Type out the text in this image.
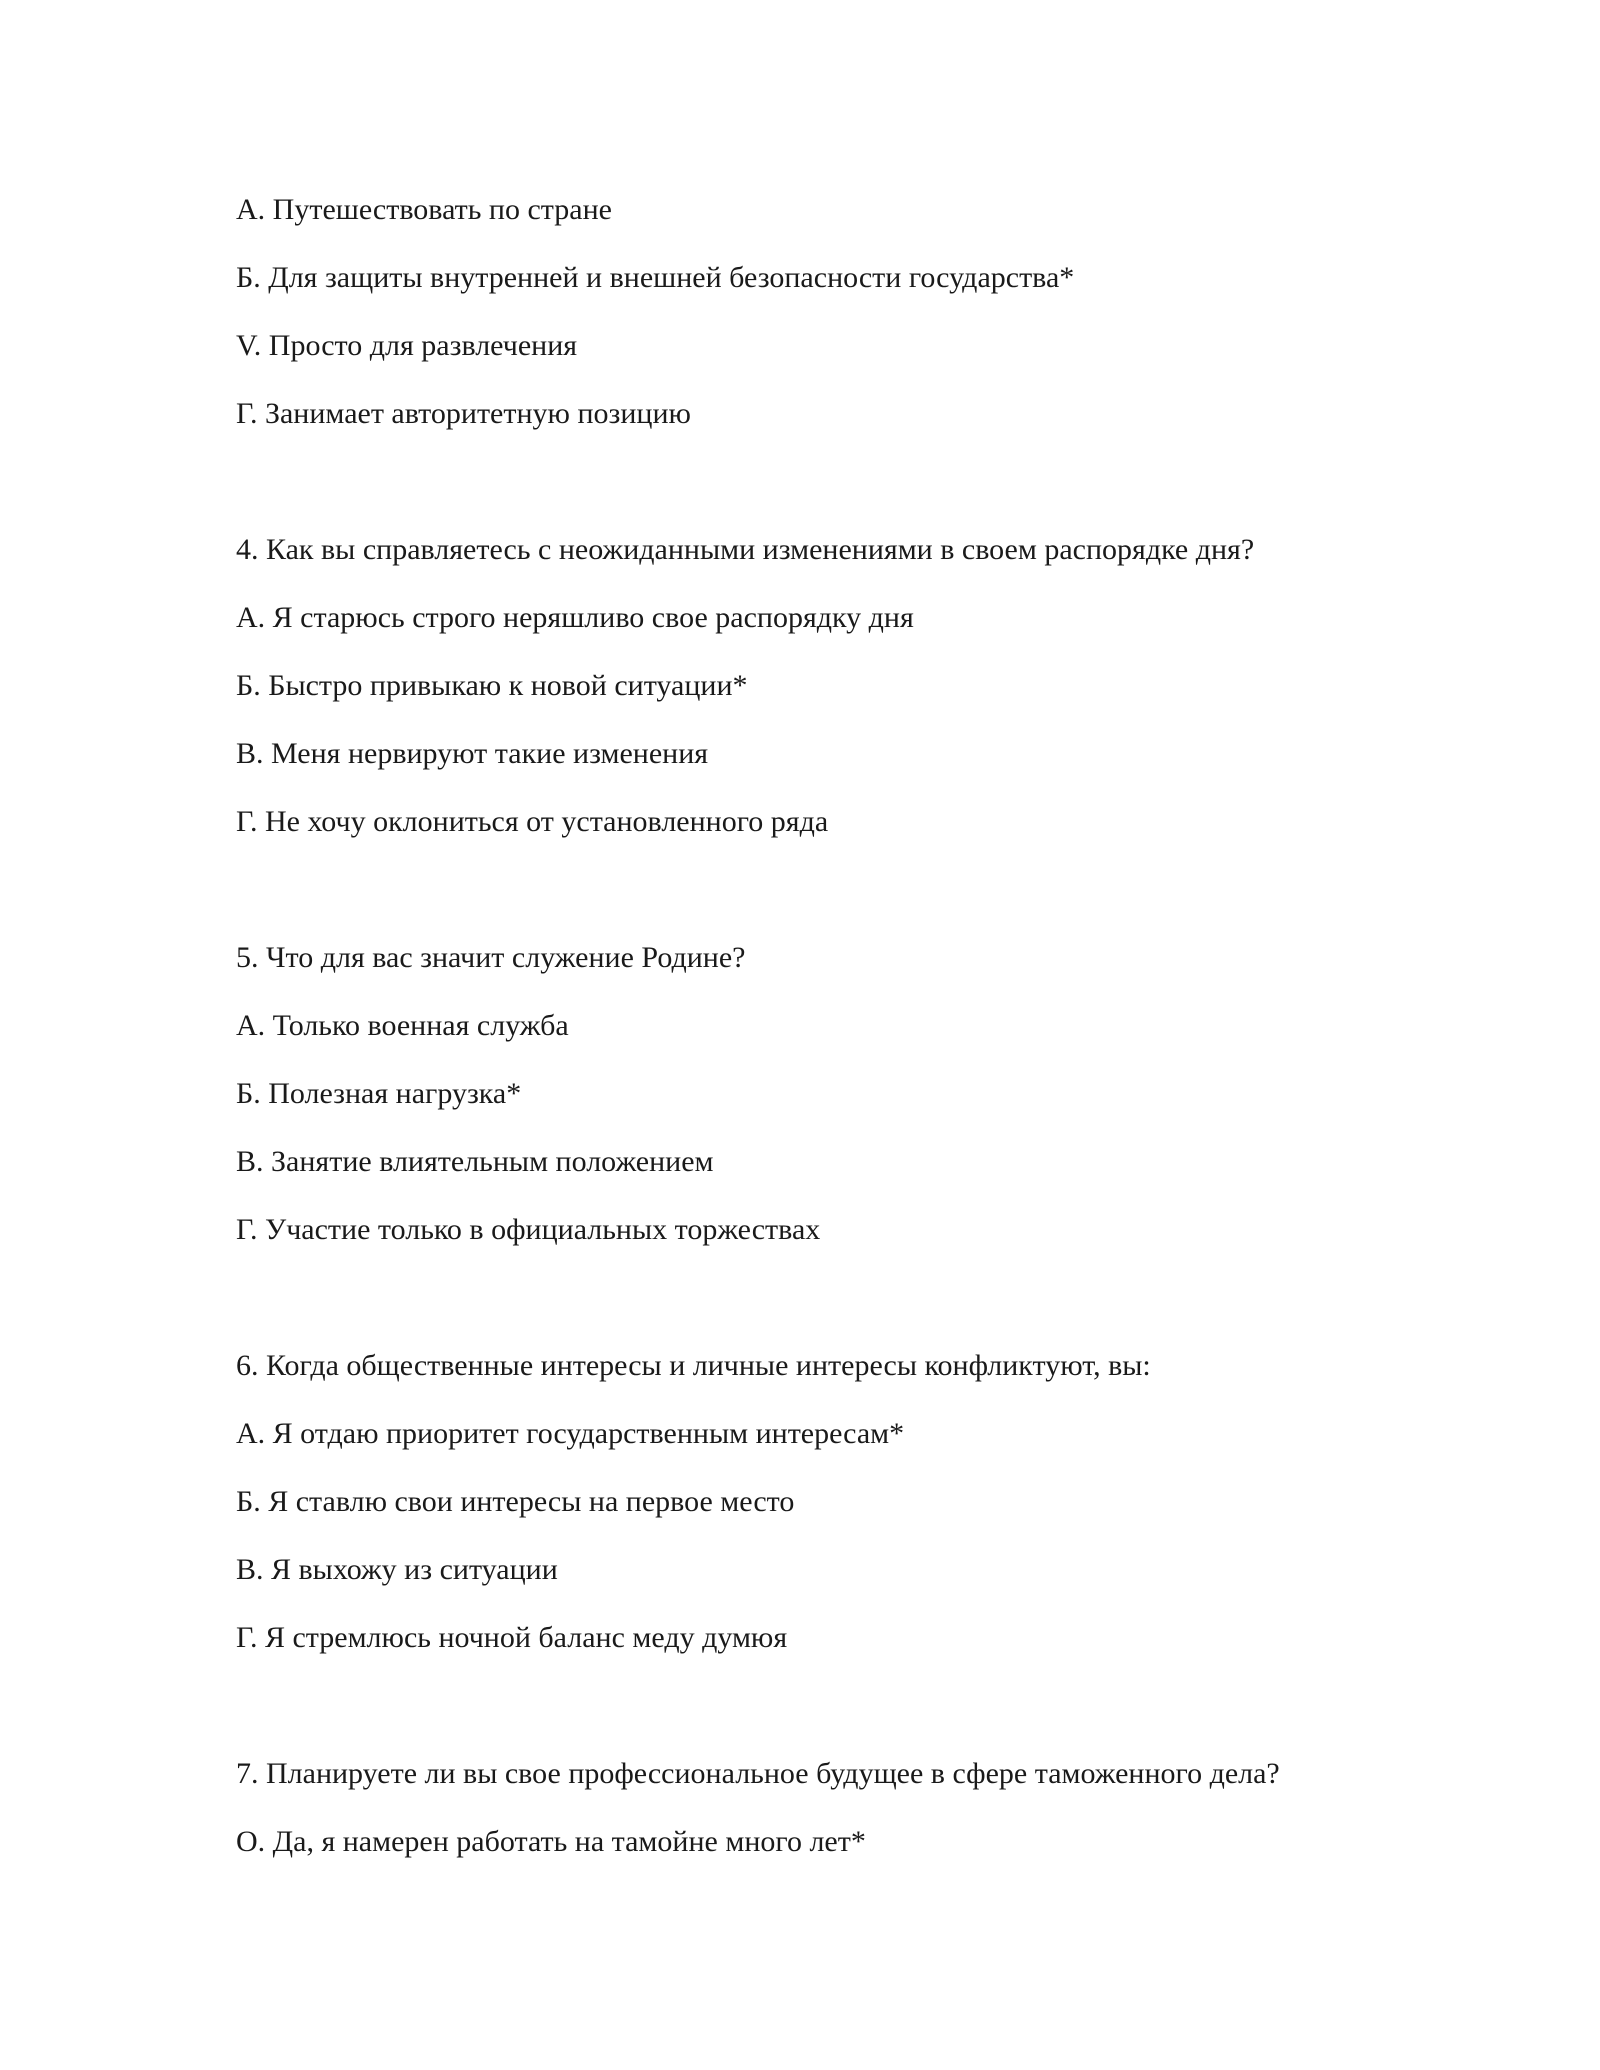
А. Путешествовать по стране
Б. Для защиты внутренней и внешней безопасности государства*
V. Просто для развлечения
Г. Занимает авторитетную позицию
4. Как вы справляетесь с неожиданными изменениями в своем распорядке дня?
А. Я старюсь строго неряшливо свое распорядку дня
Б. Быстро привыкаю к новой ситуации*
В. Меня нервируют такие изменения
Г. Не хочу оклониться от установленного ряда
5. Что для вас значит служение Родине?
А. Только военная служба
Б. Полезная нагрузка*
В. Занятие влиятельным положением
Г. Участие только в официальных торжествах
6. Когда общественные интересы и личные интересы конфликтуют, вы:
А. Я отдаю приоритет государственным интересам*
Б. Я ставлю свои интересы на первое место
В. Я выхожу из ситуации
Г. Я стремлюсь ночной баланс меду думюя
7. Планируете ли вы свое профессиональное будущее в сфере таможенного дела?
О. Да, я намерен работать на тамойне много лет*
